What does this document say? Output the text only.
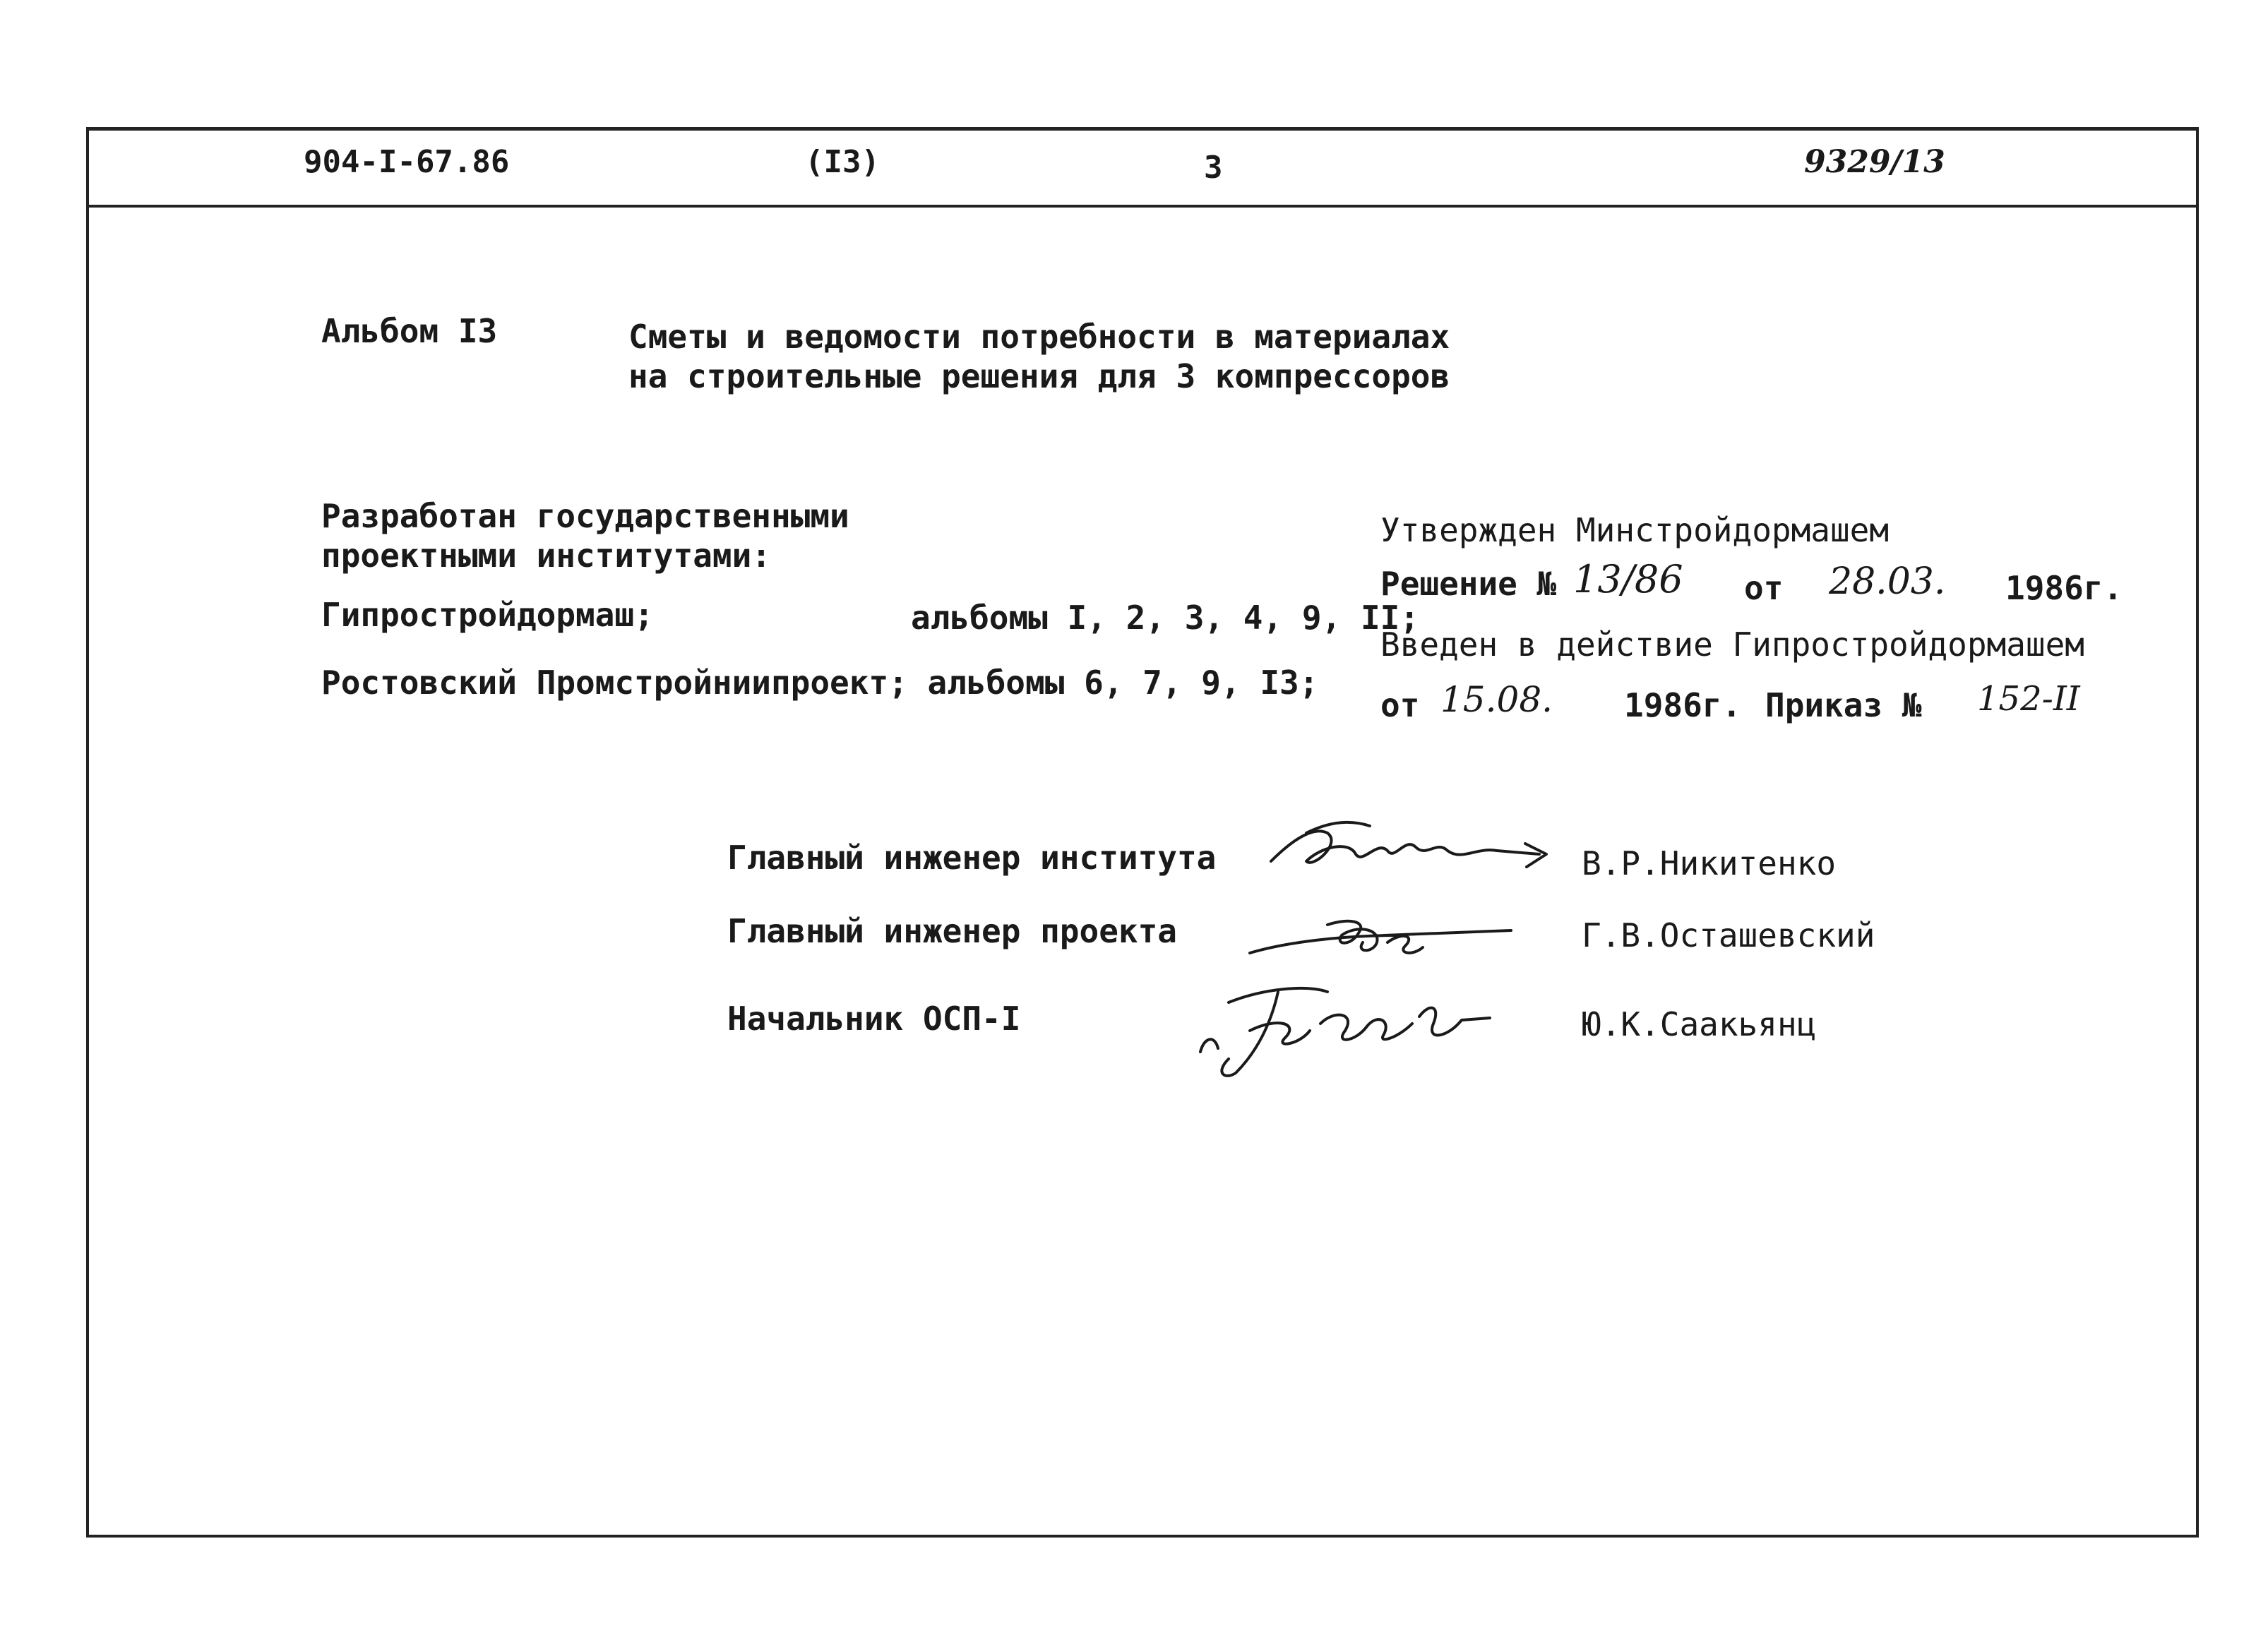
904-I-67.86	(I3)	3	9329/13
Альбом I3	Сметы и ведомости потребности в материалах
на строительные решения для 3 компрессоров
Разработан государственными
проектными институтами:
Гипростройдормаш;	альбомы I, 2, 3, 4, 9, II;
Ростовский Промстройниипроект; альбомы 6, 7, 9, I3;
Утвержден Минстройдормашем
Решение № 13/86 от 28.03. 1986г.
Введен в действие Гипростройдормашем
от 15.08. 1986г. Приказ № 152-II
Главный инженер института	В.Р.Никитенко
Главный инженер проекта	Г.В.Осташевский
Начальник ОСП-I	Ю.К.Саакьянц
